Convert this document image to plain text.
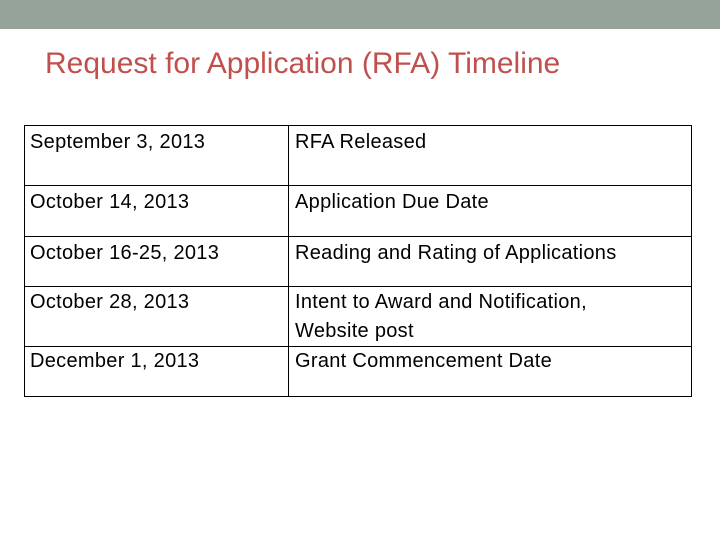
Request for Application (RFA) Timeline
September 3, 2013	RFA Released

October 14, 2013	Application Due Date

October 16-25, 2013	Reading and Rating of Applications

October 28, 2013	Intent to Award and Notification,
Website post

December 1, 2013	Grant Commencement Date
